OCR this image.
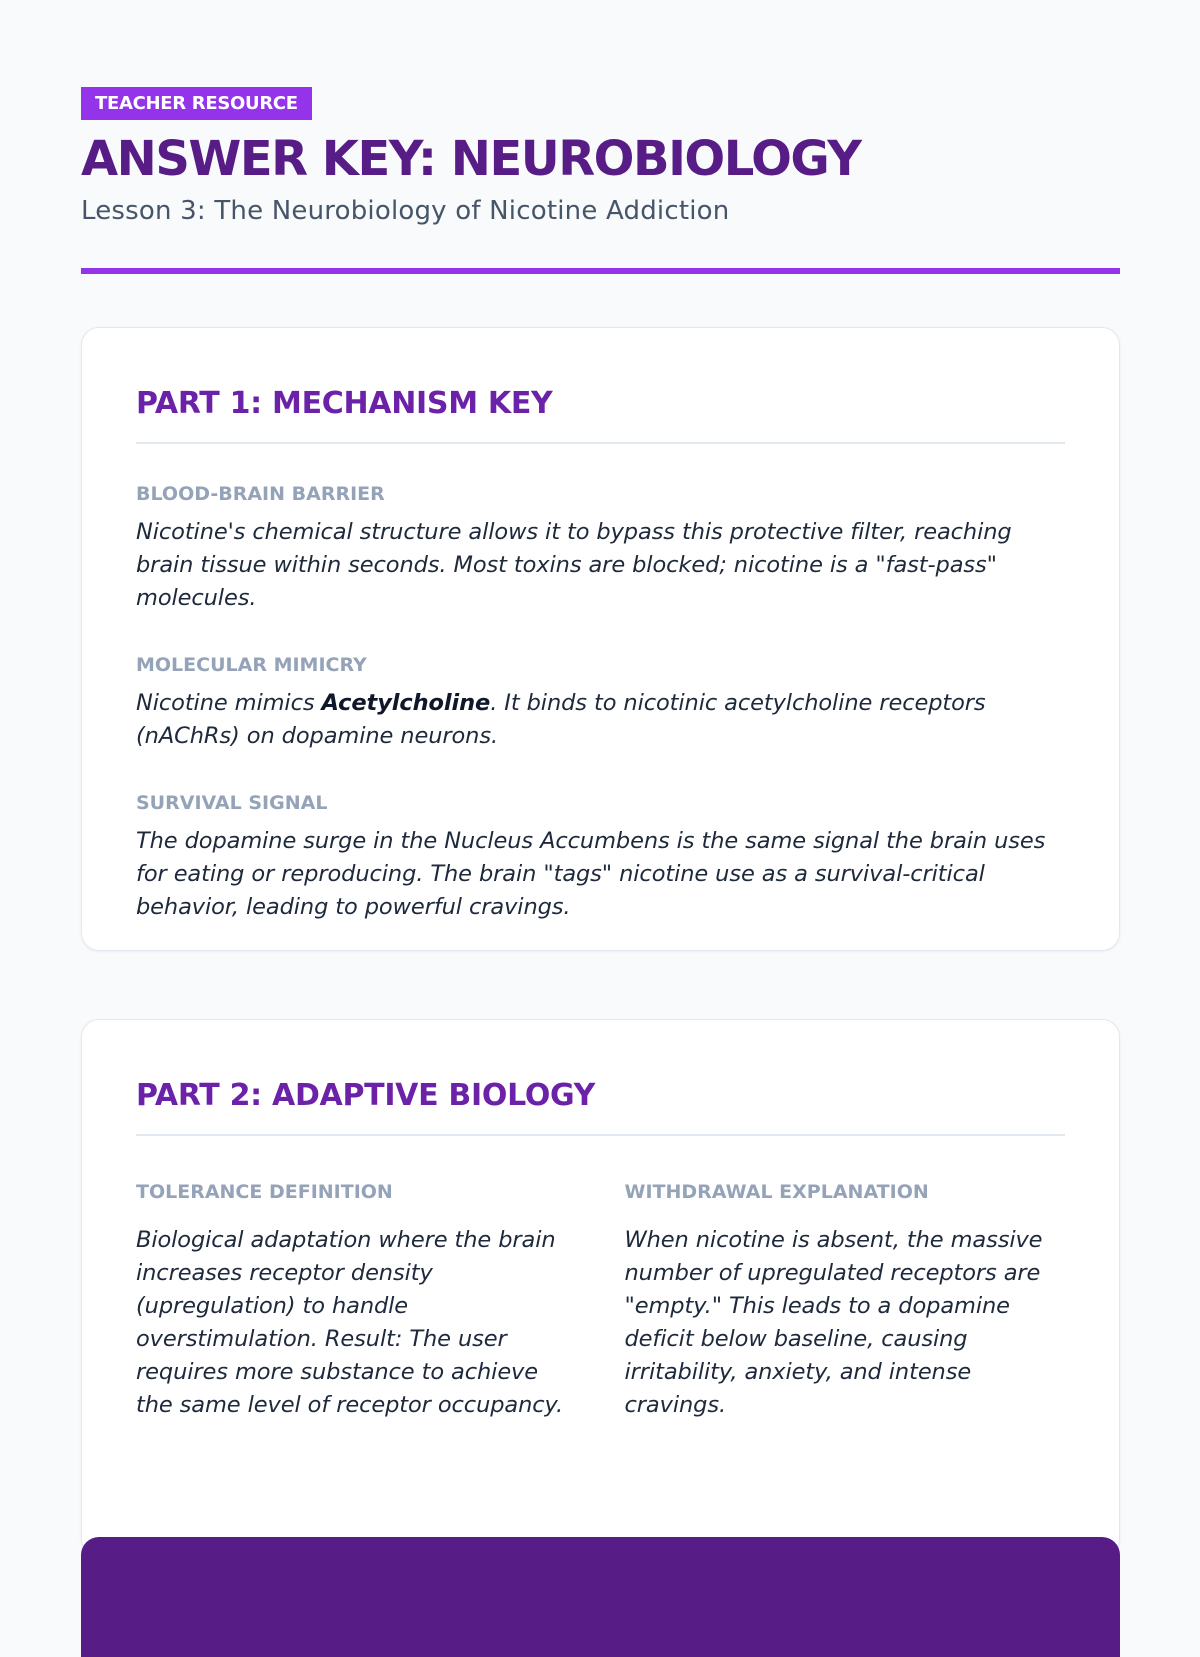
TEACHER RESOURCE
ANSWER KEY: NEUROBIOLOGY

Lesson 3: The Neurobiology of Nicotine Addiction

PART 1: MECHANISM KEY
BLOOD-BRAIN BARRIER
Nicotine's chemical structure allows it to bypass this protective filter, reaching brain tissue within seconds. Most toxins are blocked; nicotine is a "fast-pass" molecules.
MOLECULAR MIMICRY
Nicotine mimics Acetylcholine. It binds to nicotinic acetylcholine receptors (nAChRs) on dopamine neurons.
SURVIVAL SIGNAL
The dopamine surge in the Nucleus Accumbens is the same signal the brain uses for eating or reproducing. The brain "tags" nicotine use as a survival-critical behavior, leading to powerful cravings.
PART 2: ADAPTIVE BIOLOGY
TOLERANCE DEFINITION
Biological adaptation where the brain increases receptor density (upregulation) to handle overstimulation. Result: The user requires more substance to achieve the same level of receptor occupancy.
WITHDRAWAL EXPLANATION
When nicotine is absent, the massive number of upregulated receptors are "empty." This leads to a dopamine deficit below baseline, causing irritability, anxiety, and intense cravings.
